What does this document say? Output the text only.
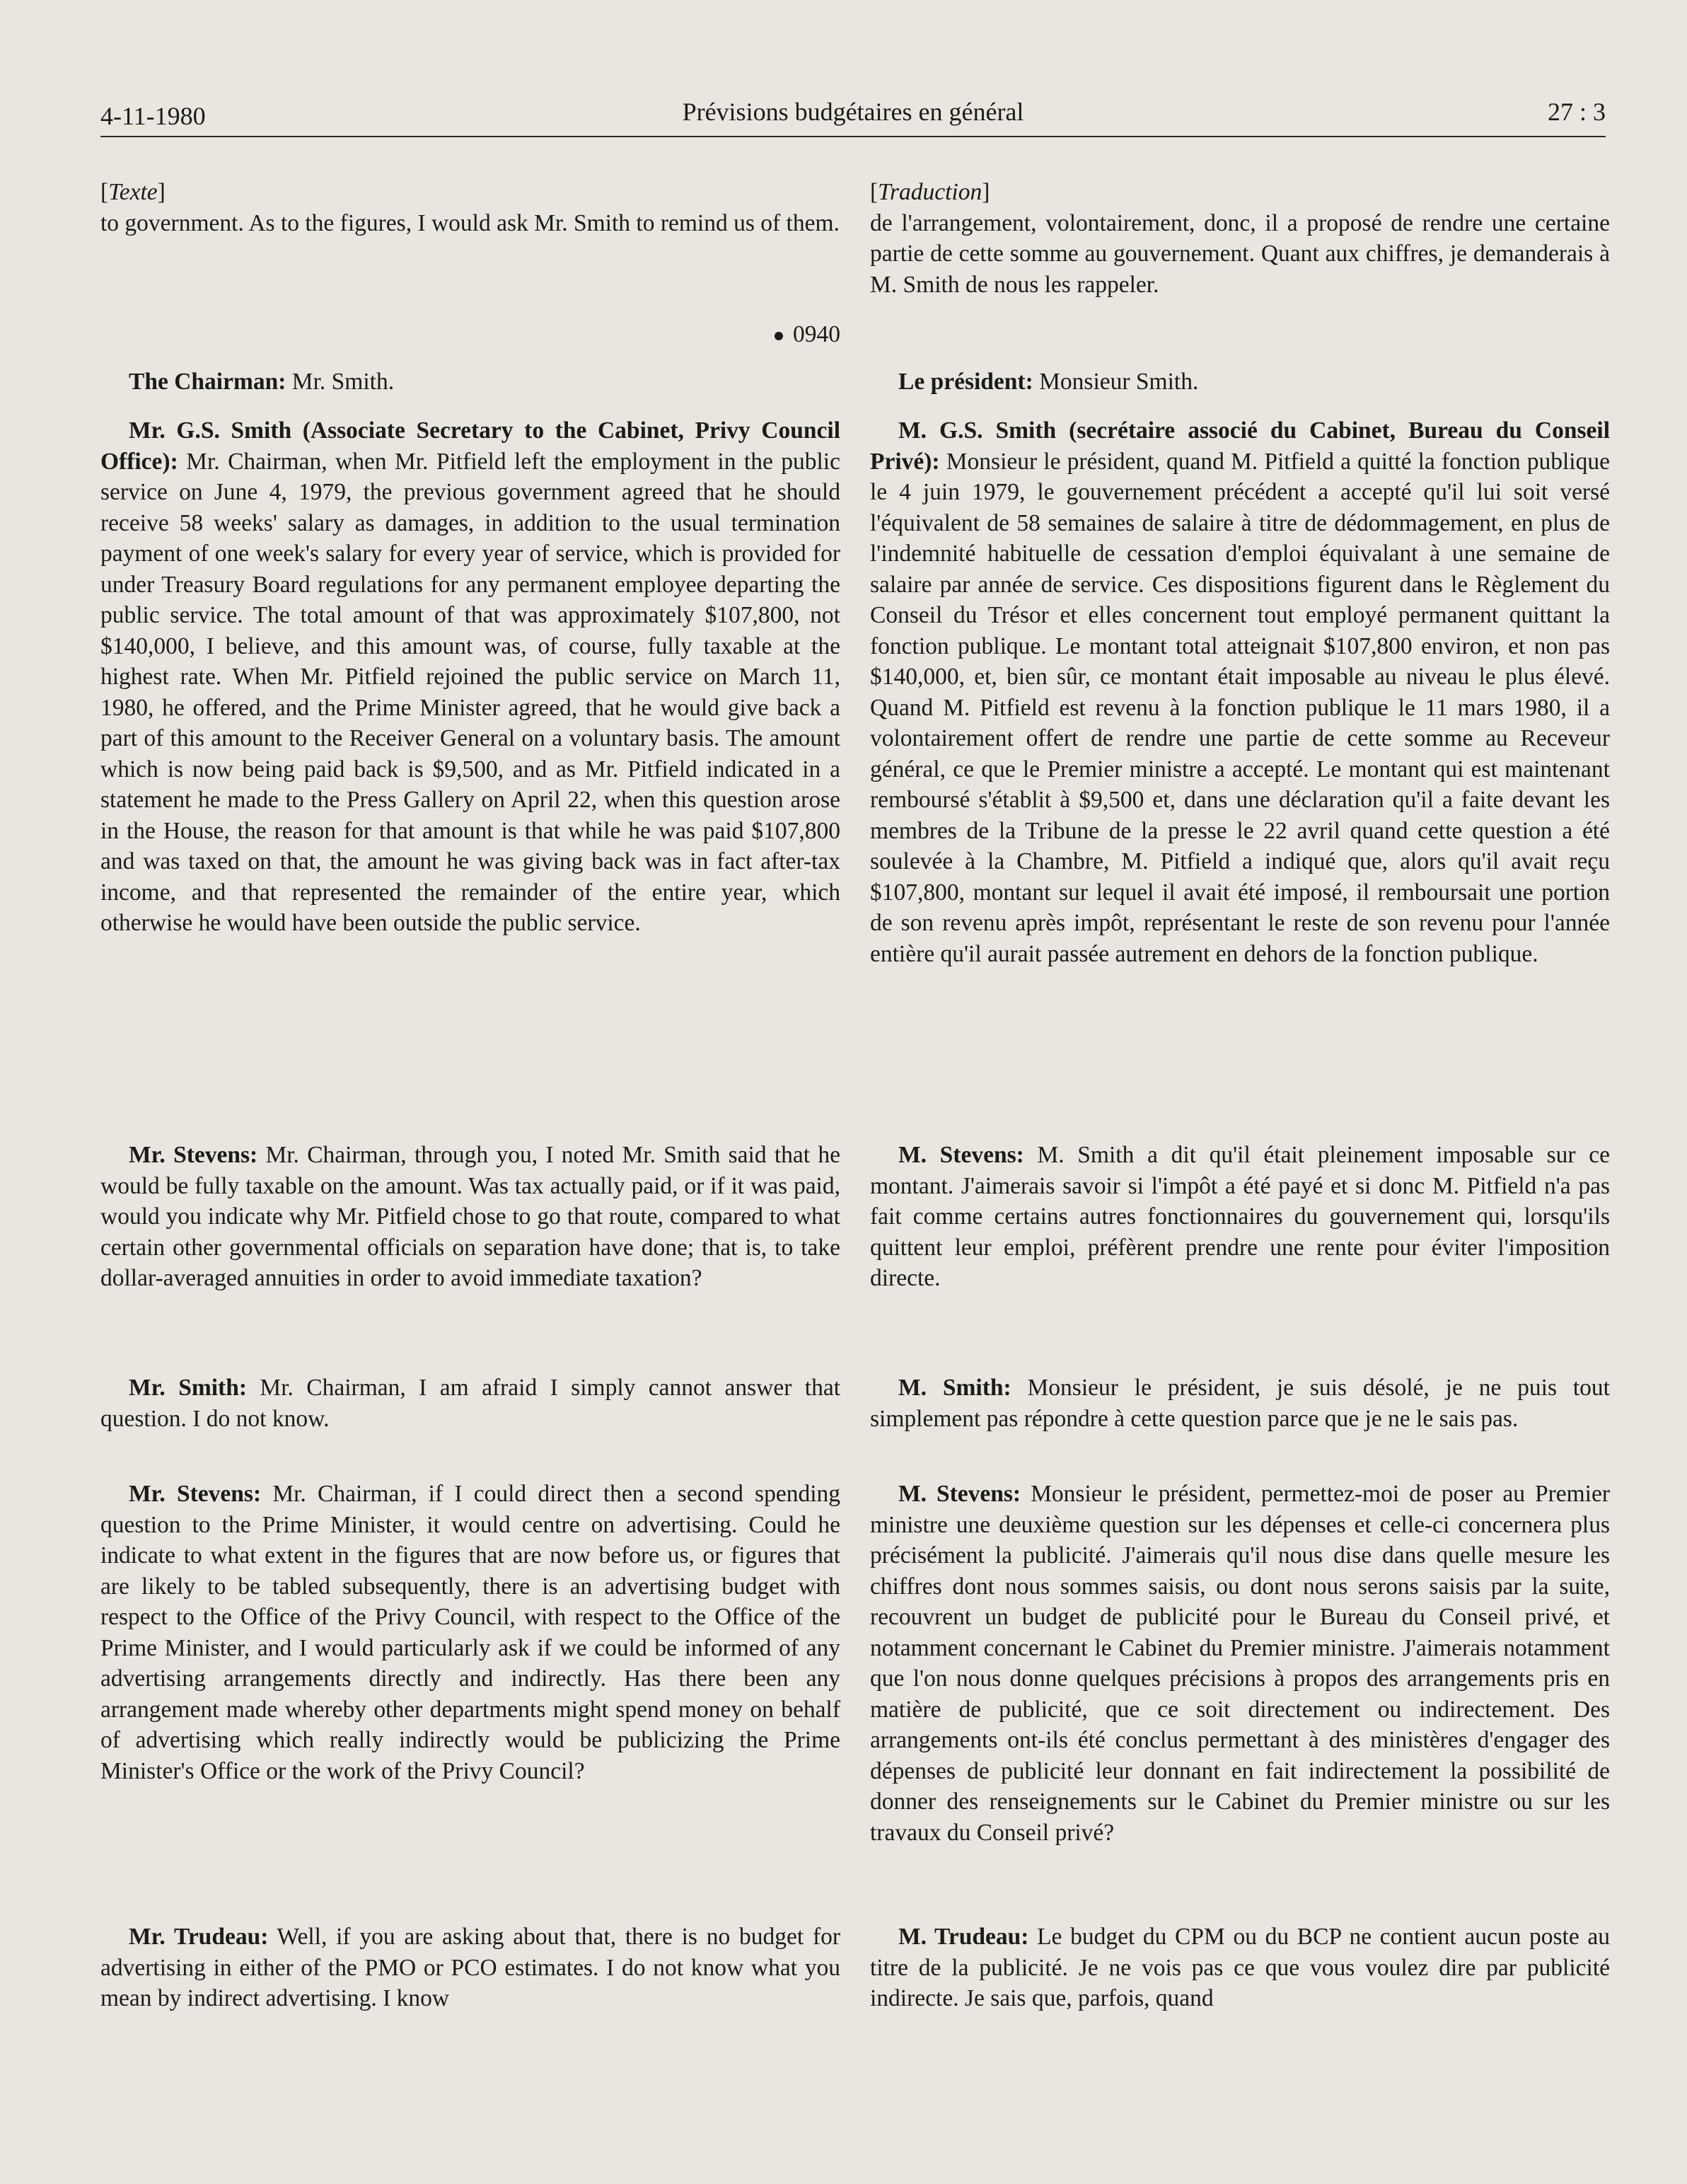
4-11-1980	Prévisions budgétaires en général	27 : 3

[Texte]

to government. As to the figures, I would ask Mr. Smith to remind us of them.

0940

The Chairman: Mr. Smith.

Mr. G.S. Smith (Associate Secretary to the Cabinet, Privy Council Office): Mr. Chairman, when Mr. Pitfield left the employment in the public service on June 4, 1979, the previous government agreed that he should receive 58 weeks' salary as damages, in addition to the usual termination payment of one week's salary for every year of service, which is provided for under Treasury Board regulations for any permanent employee departing the public service. The total amount of that was approximately $107,800, not $140,000, I believe, and this amount was, of course, fully taxable at the highest rate. When Mr. Pitfield rejoined the public service on March 11, 1980, he offered, and the Prime Minister agreed, that he would give back a part of this amount to the Receiver General on a voluntary basis. The amount which is now being paid back is $9,500, and as Mr. Pitfield indicated in a statement he made to the Press Gallery on April 22, when this question arose in the House, the reason for that amount is that while he was paid $107,800 and was taxed on that, the amount he was giving back was in fact after-tax income, and that represented the remainder of the entire year, which otherwise he would have been outside the public service.

Mr. Stevens: Mr. Chairman, through you, I noted Mr. Smith said that he would be fully taxable on the amount. Was tax actually paid, or if it was paid, would you indicate why Mr. Pitfield chose to go that route, compared to what certain other governmental officials on separation have done; that is, to take dollar-averaged annuities in order to avoid immediate taxation?

Mr. Smith: Mr. Chairman, I am afraid I simply cannot answer that question. I do not know.

Mr. Stevens: Mr. Chairman, if I could direct then a second spending question to the Prime Minister, it would centre on advertising. Could he indicate to what extent in the figures that are now before us, or figures that are likely to be tabled subsequently, there is an advertising budget with respect to the Office of the Privy Council, with respect to the Office of the Prime Minister, and I would particularly ask if we could be informed of any advertising arrangements directly and indirectly. Has there been any arrangement made whereby other departments might spend money on behalf of advertising which really indirectly would be publicizing the Prime Minister's Office or the work of the Privy Council?

Mr. Trudeau: Well, if you are asking about that, there is no budget for advertising in either of the PMO or PCO estimates. I do not know what you mean by indirect advertising. I know

[Traduction]

de l'arrangement, volontairement, donc, il a proposé de rendre une certaine partie de cette somme au gouvernement. Quant aux chiffres, je demanderais à M. Smith de nous les rappeler.

Le président: Monsieur Smith.

M. G.S. Smith (secrétaire associé du Cabinet, Bureau du Conseil Privé): Monsieur le président, quand M. Pitfield a quitté la fonction publique le 4 juin 1979, le gouvernement précédent a accepté qu'il lui soit versé l'équivalent de 58 semaines de salaire à titre de dédommagement, en plus de l'indemnité habituelle de cessation d'emploi équivalant à une semaine de salaire par année de service. Ces dispositions figurent dans le Règlement du Conseil du Trésor et elles concernent tout employé permanent quittant la fonction publique. Le montant total atteignait $107,800 environ, et non pas $140,000, et, bien sûr, ce montant était imposable au niveau le plus élevé. Quand M. Pitfield est revenu à la fonction publique le 11 mars 1980, il a volontairement offert de rendre une partie de cette somme au Receveur général, ce que le Premier ministre a accepté. Le montant qui est maintenant remboursé s'établit à $9,500 et, dans une déclaration qu'il a faite devant les membres de la Tribune de la presse le 22 avril quand cette question a été soulevée à la Chambre, M. Pitfield a indiqué que, alors qu'il avait reçu $107,800, montant sur lequel il avait été imposé, il remboursait une portion de son revenu après impôt, représentant le reste de son revenu pour l'année entière qu'il aurait passée autrement en dehors de la fonction publique.

M. Stevens: M. Smith a dit qu'il était pleinement imposable sur ce montant. J'aimerais savoir si l'impôt a été payé et si donc M. Pitfield n'a pas fait comme certains autres fonctionnaires du gouvernement qui, lorsqu'ils quittent leur emploi, préfèrent prendre une rente pour éviter l'imposition directe.

M. Smith: Monsieur le président, je suis désolé, je ne puis tout simplement pas répondre à cette question parce que je ne le sais pas.

M. Stevens: Monsieur le président, permettez-moi de poser au Premier ministre une deuxième question sur les dépenses et celle-ci concernera plus précisément la publicité. J'aimerais qu'il nous dise dans quelle mesure les chiffres dont nous sommes saisis, ou dont nous serons saisis par la suite, recouvrent un budget de publicité pour le Bureau du Conseil privé, et notamment concernant le Cabinet du Premier ministre. J'aimerais notamment que l'on nous donne quelques précisions à propos des arrangements pris en matière de publicité, que ce soit directement ou indirectement. Des arrangements ont-ils été conclus permettant à des ministères d'engager des dépenses de publicité leur donnant en fait indirectement la possibilité de donner des renseignements sur le Cabinet du Premier ministre ou sur les travaux du Conseil privé?

M. Trudeau: Le budget du CPM ou du BCP ne contient aucun poste au titre de la publicité. Je ne vois pas ce que vous voulez dire par publicité indirecte. Je sais que, parfois, quand
